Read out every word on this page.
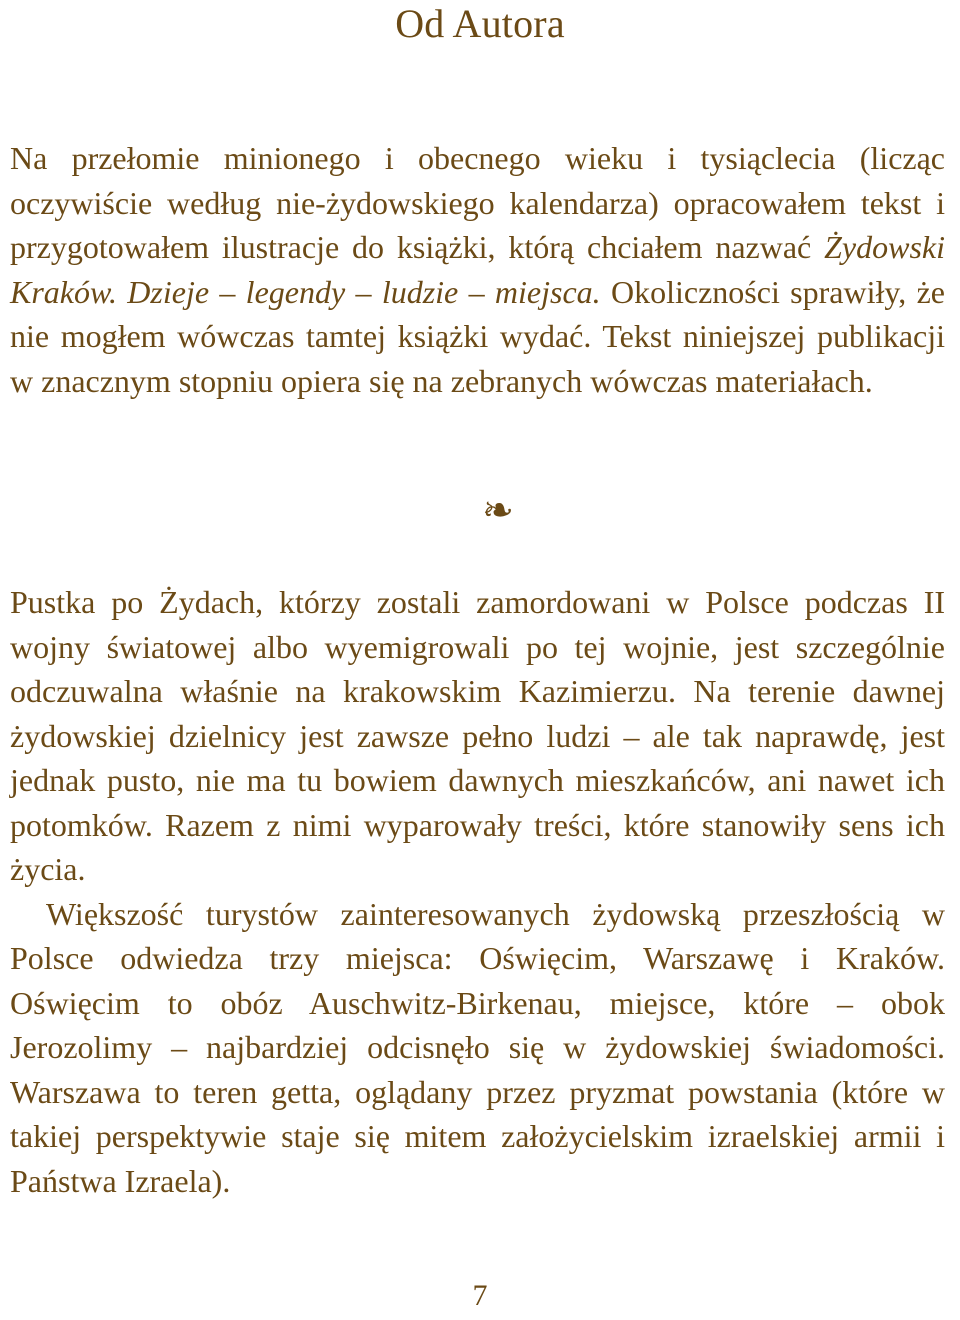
Od Autora

Na przełomie minionego i obecnego wieku i tysiąclecia (licząc oczywiście według nie-żydowskiego kalendarza) opracowałem tekst i przygotowałem ilustracje do książki, którą chciałem nazwać Żydowski Kraków. Dzieje – legendy – ludzie – miejsca. Okoliczności sprawiły, że nie mogłem wówczas tamtej książki wydać. Tekst niniejszej publikacji w znacznym stopniu opiera się na zebranych wówczas materiałach.

❧

Pustka po Żydach, którzy zostali zamordowani w Polsce podczas II wojny światowej albo wyemigrowali po tej wojnie, jest szczególnie odczuwalna właśnie na krakowskim Kazimierzu. Na terenie dawnej żydowskiej dzielnicy jest zawsze pełno ludzi – ale tak naprawdę, jest jednak pusto, nie ma tu bowiem dawnych mieszkańców, ani nawet ich potomków. Razem z nimi wyparowały treści, które stanowiły sens ich życia.

Większość turystów zainteresowanych żydowską przeszłością w Polsce odwiedza trzy miejsca: Oświęcim, Warszawę i Kraków. Oświęcim to obóz Auschwitz-Birkenau, miejsce, które – obok Jerozolimy – najbardziej odcisnęło się w żydowskiej świadomości. Warszawa to teren getta, oglądany przez pryzmat powstania (które w takiej perspektywie staje się mitem założycielskim izraelskiej armii i Państwa Izraela).

7
